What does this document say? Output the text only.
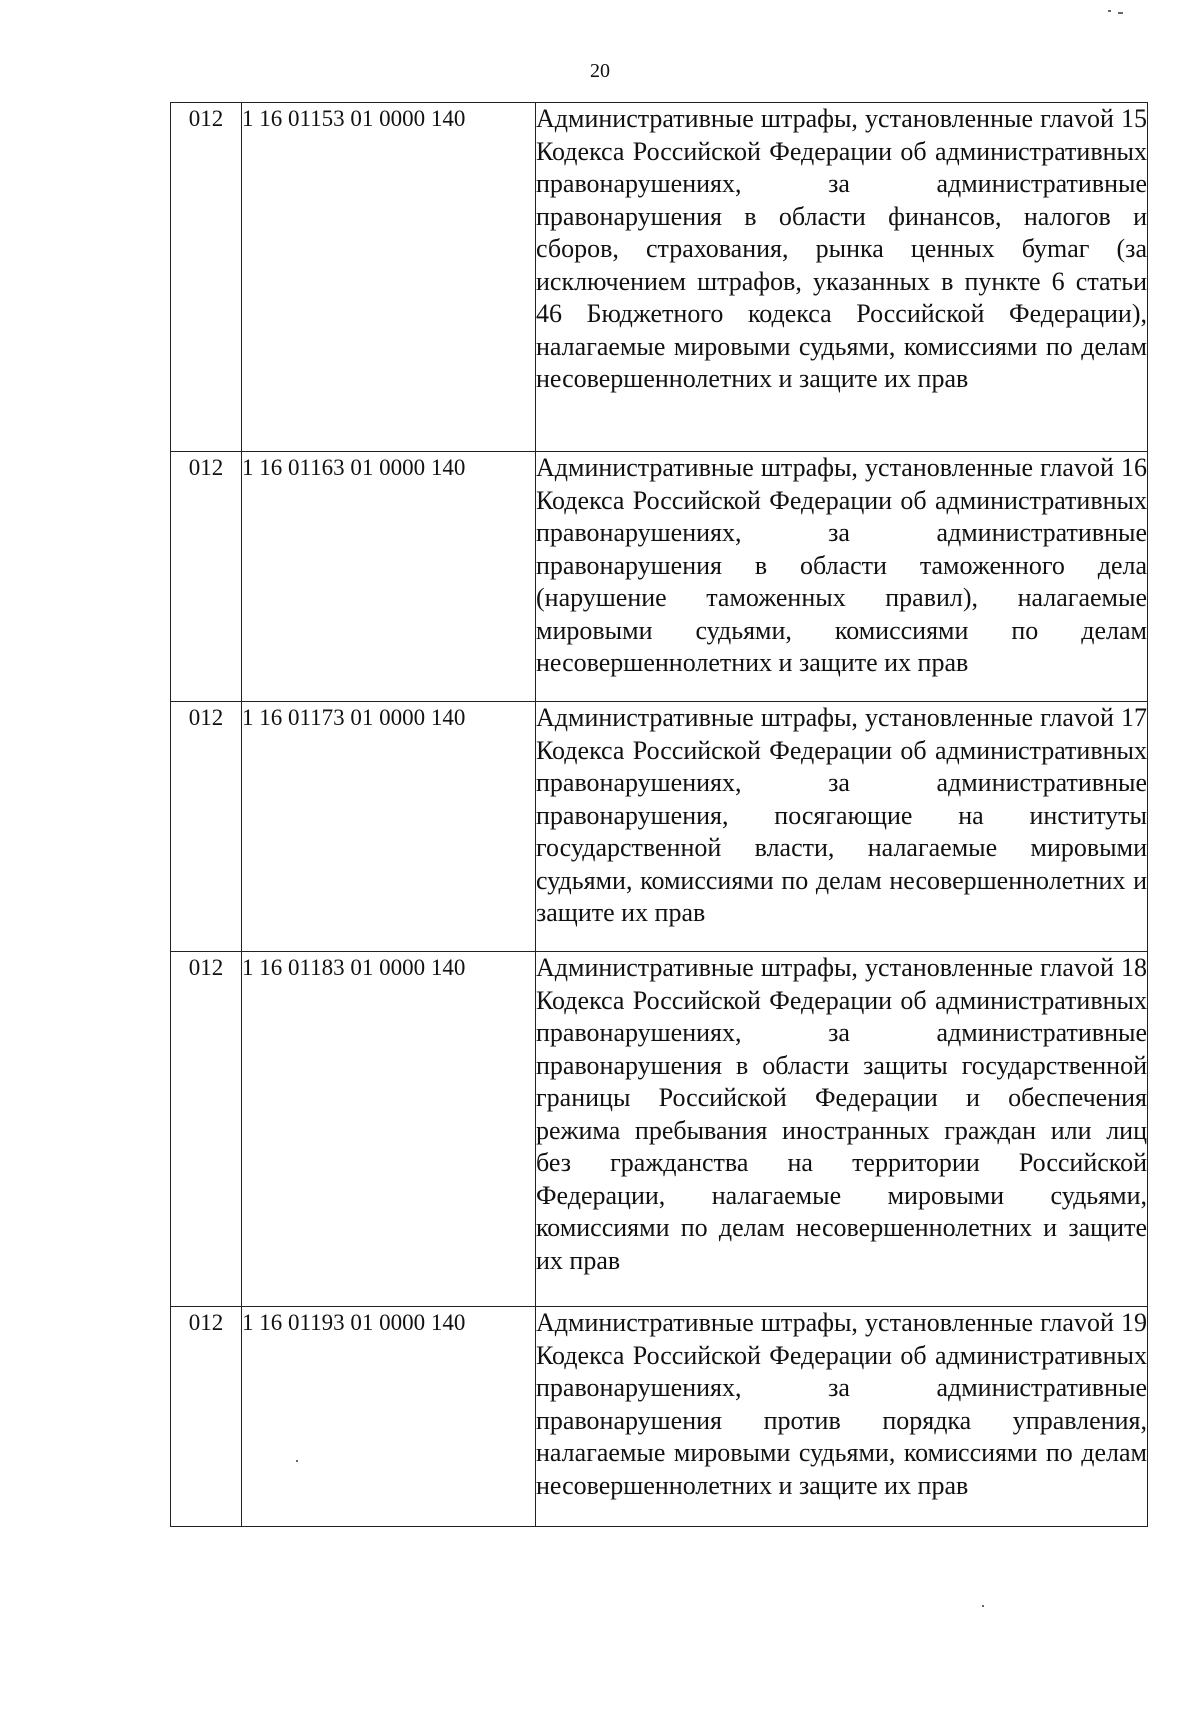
20
012	1 16 01153 01 0000 140	Административные штрафы, установленные глаvой 15 Кодекса Российской Федерации об административных правонарушениях, за административные правонарушения в области финансов, налогов и сборов, страхования, рынка ценных буmаг (за исключением штрафов, указанных в пункте 6 статьи 46 Бюджетного кодекса Российской Федерации), налагаемые мировыми судьями, комиссиями по делам несовершеннолетних и защите их прав
012	1 16 01163 01 0000 140	Административные штрафы, установленные глаvой 16 Кодекса Российской Федерации об административных правонарушениях, за административные правонарушения в области таможенного дела (нарушение таможенных правил), налагаемые мировыми судьями, комиссиями по делам несовершеннолетних и защите их прав
012	1 16 01173 01 0000 140	Административные штрафы, установленные глаvой 17 Кодекса Российской Федерации об административных правонарушениях, за административные правонарушения, посягающие на институты государственной власти, налагаемые мировыми судьями, комиссиями по делам несовершеннолетних и защите их прав
012	1 16 01183 01 0000 140	Административные штрафы, установленные глаvой 18 Кодекса Российской Федерации об административных правонарушениях, за административные правонарушения в области защиты государственной границы Российской Федерации и обеспечения режима пребывания иностранных граждан или лиц без гражданства на территории Российской Федерации, налагаемые мировыми судьями, комиссиями по делам несовершеннолетних и защите их прав
012	1 16 01193 01 0000 140	Административные штрафы, установленные глаvой 19 Кодекса Российской Федерации об административных правонарушениях, за административные правонарушения против порядка управления, налагаемые мировыми судьями, комиссиями по делам несовершеннолетних и защите их прав
